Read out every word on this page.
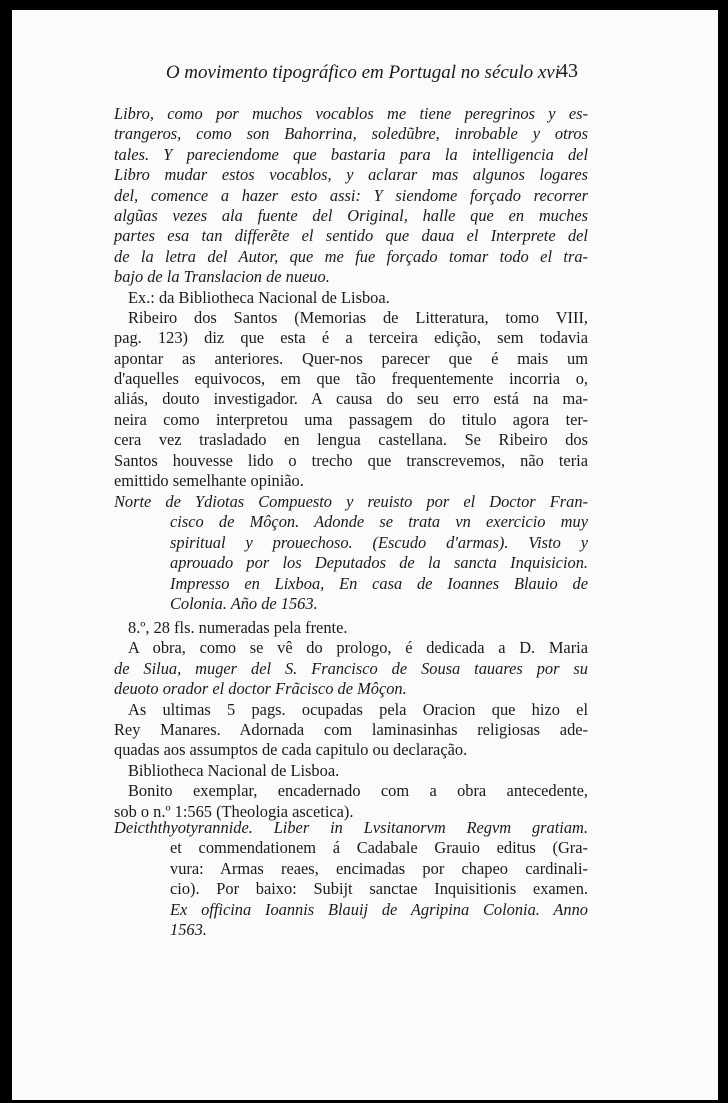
O movimento tipográfico em Portugal no século xvi
43
Libro, como por muchos vocablos me tiene peregrinos y es-
trangeros, como son Bahorrina, soledũbre, inrobable y otros
tales. Y pareciendome que bastaria para la intelligencia del
Libro mudar estos vocablos, y aclarar mas algunos logares
del, comence a hazer esto assi: Y siendome forçado recorrer
algũas vezes ala fuente del Original, halle que en muches
partes esa tan differẽte el sentido que daua el Interprete del
de la letra del Autor, que me fue forçado tomar todo el tra-
bajo de la Translacion de nueuo.
Ex.: da Bibliotheca Nacional de Lisboa.
Ribeiro dos Santos (Memorias de Litteratura, tomo VIII,
pag. 123) diz que esta é a terceira edição, sem todavia
apontar as anteriores. Quer-nos parecer que é mais um
d'aquelles equivocos, em que tão frequentemente incorria o,
aliás, douto investigador. A causa do seu erro está na ma-
neira como interpretou uma passagem do titulo agora ter-
cera vez trasladado en lengua castellana. Se Ribeiro dos
Santos houvesse lido o trecho que transcrevemos, não teria
emittido semelhante opinião.
Norte de Ydiotas Compuesto y reuisto por el Doctor Fran-
cisco de Môçon. Adonde se trata vn exercicio muy
spiritual y prouechoso. (Escudo d'armas). Visto y
aprouado por los Deputados de la sancta Inquisicion.
Impresso en Lixboa, En casa de Ioannes Blauio de
Colonia. Año de 1563.
8.º, 28 fls. numeradas pela frente.
A obra, como se vê do prologo, é dedicada a D. Maria
de Silua, muger del S. Francisco de Sousa tauares por su
deuoto orador el doctor Frãcisco de Môçon.
As ultimas 5 pags. ocupadas pela Oracion que hizo el
Rey Manares. Adornada com laminasinhas religiosas ade-
quadas aos assumptos de cada capitulo ou declaração.
Bibliotheca Nacional de Lisboa.
Bonito exemplar, encadernado com a obra antecedente,
sob o n.º 1:565 (Theologia ascetica).
Deicththyotyrannide. Liber in Lvsitanorvm Regvm gratiam.
et commendationem á Cadabale Grauio editus (Gra-
vura: Armas reaes, encimadas por chapeo cardinali-
cio). Por baixo: Subijt sanctae Inquisitionis examen.
Ex officina Ioannis Blauij de Agripina Colonia. Anno
1563.
